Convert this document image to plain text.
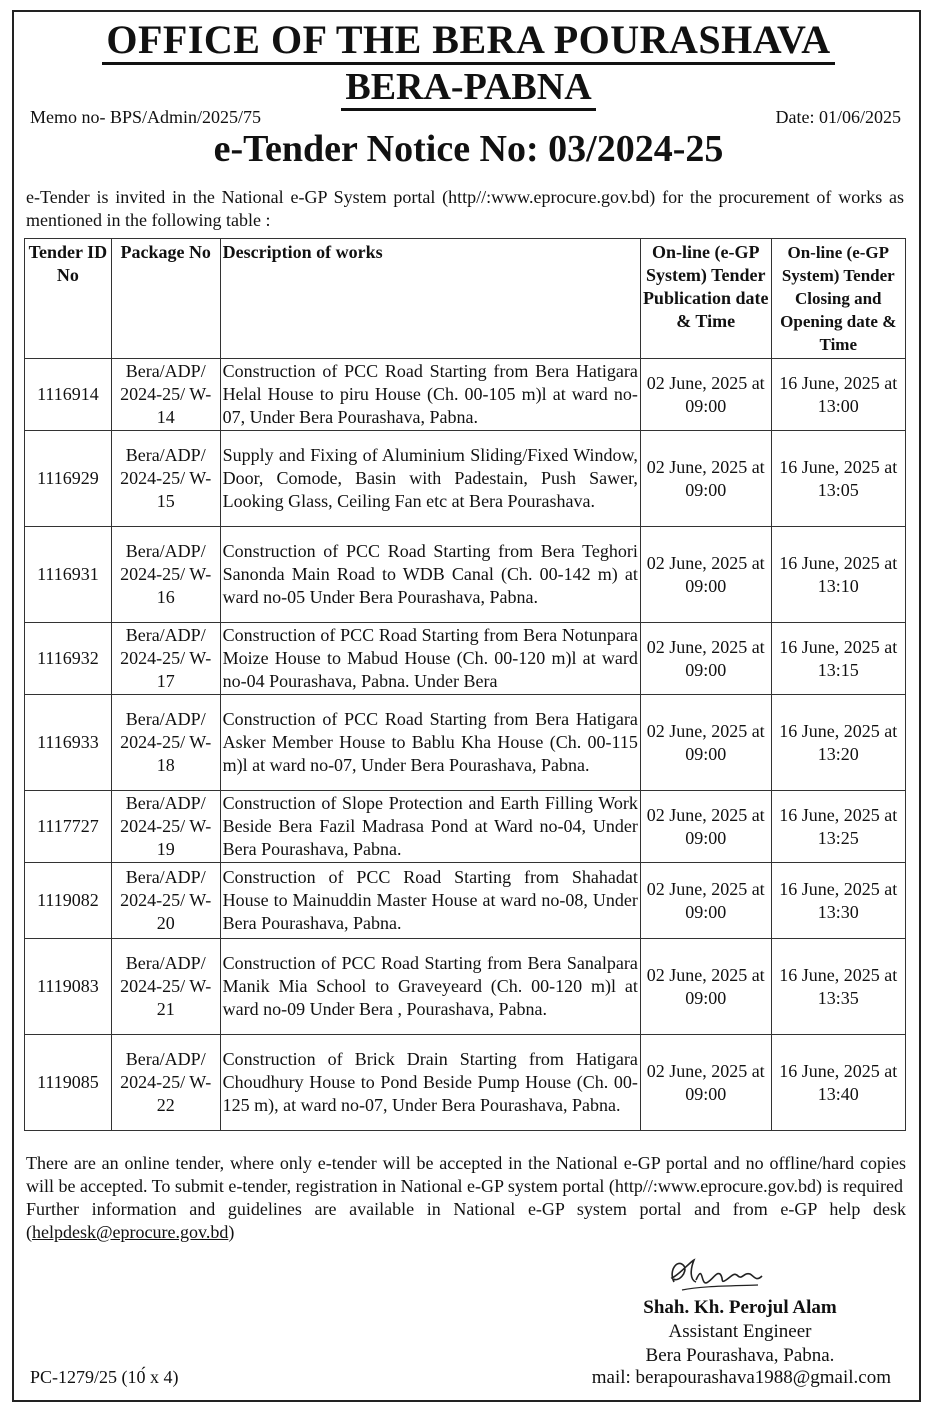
OFFICE OF THE BERA POURASHAVA
BERA-PABNA
Memo no- BPS/Admin/2025/75	Date: 01/06/2025
e-Tender Notice No: 03/2024-25
e-Tender is invited in the National e-GP System portal (http//:www.eprocure.gov.bd) for the procurement of works as mentioned in the following table :
Tender ID No	Package No	Description of works	On-line (e-GP System) Tender Publication date & Time	On-line (e-GP System) Tender Closing and Opening date & Time
1116914	Bera/ADP/ 2024-25/ W-14	Construction of PCC Road Starting from Bera Hatigara Helal House to piru House (Ch. 00-105 m)l at ward no-07, Under Bera Pourashava, Pabna.	02 June, 2025 at 09:00	16 June, 2025 at 13:00
1116929	Bera/ADP/ 2024-25/ W-15	Supply and Fixing of Aluminium Sliding/Fixed Window, Door, Comode, Basin with Padestain, Push Sawer, Looking Glass, Ceiling Fan etc at Bera Pourashava.	02 June, 2025 at 09:00	16 June, 2025 at 13:05
1116931	Bera/ADP/ 2024-25/ W-16	Construction of PCC Road Starting from Bera Teghori Sanonda Main Road to WDB Canal (Ch. 00-142 m) at ward no-05 Under Bera Pourashava, Pabna.	02 June, 2025 at 09:00	16 June, 2025 at 13:10
1116932	Bera/ADP/ 2024-25/ W-17	Construction of PCC Road Starting from Bera Notunpara Moize House to Mabud House (Ch. 00-120 m)l at ward no-04 Pourashava, Pabna. Under Bera	02 June, 2025 at 09:00	16 June, 2025 at 13:15
1116933	Bera/ADP/ 2024-25/ W-18	Construction of PCC Road Starting from Bera Hatigara Asker Member House to Bablu Kha House (Ch. 00-115 m)l at ward no-07, Under Bera Pourashava, Pabna.	02 June, 2025 at 09:00	16 June, 2025 at 13:20
1117727	Bera/ADP/ 2024-25/ W-19	Construction of Slope Protection and Earth Filling Work Beside Bera Fazil Madrasa Pond at Ward no-04, Under Bera Pourashava, Pabna.	02 June, 2025 at 09:00	16 June, 2025 at 13:25
1119082	Bera/ADP/ 2024-25/ W-20	Construction of PCC Road Starting from Shahadat House to Mainuddin Master House at ward no-08, Under Bera Pourashava, Pabna.	02 June, 2025 at 09:00	16 June, 2025 at 13:30
1119083	Bera/ADP/ 2024-25/ W-21	Construction of PCC Road Starting from Bera Sanalpara Manik Mia School to Graveyeard (Ch. 00-120 m)l at ward no-09 Under Bera , Pourashava, Pabna.	02 June, 2025 at 09:00	16 June, 2025 at 13:35
1119085	Bera/ADP/ 2024-25/ W-22	Construction of Brick Drain Starting from Hatigara Choudhury House to Pond Beside Pump House (Ch. 00-125 m), at ward no-07, Under Bera Pourashava, Pabna.	02 June, 2025 at 09:00	16 June, 2025 at 13:40
There are an online tender, where only e-tender will be accepted in the National e-GP portal and no offline/hard copies will be accepted. To submit e-tender, registration in National e-GP system portal (http//:www.eprocure.gov.bd) is required
Further information and guidelines are available in National e-GP system portal and from e-GP help desk (helpdesk@eprocure.gov.bd)
Shah. Kh. Perojul Alam
Assistant Engineer
Bera Pourashava, Pabna.
mail: berapourashava1988@gmail.com
PC-1279/25 (10́ x 4)
